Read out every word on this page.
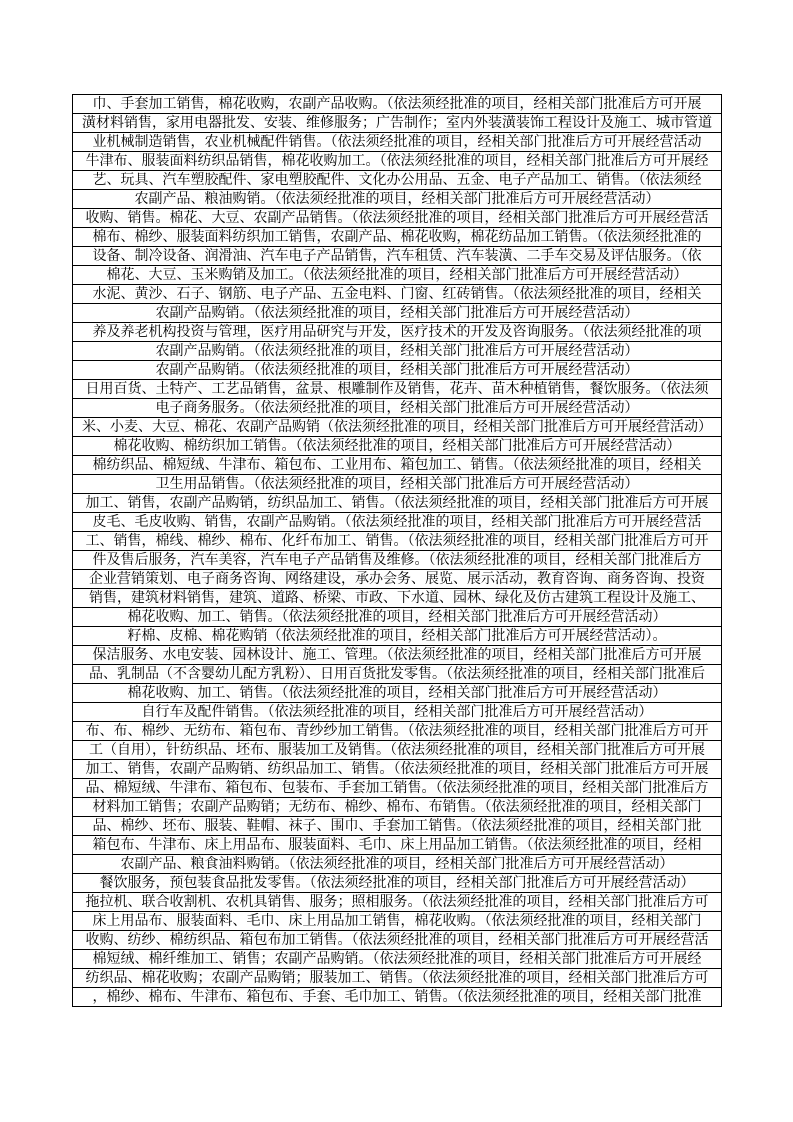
巾、手套加工销售，棉花收购，农副产品收购。（依法须经批准的项目，经相关部门批准后方可开展
潢材料销售，家用电器批发、安装、维修服务；广告制作；室内外装潢装饰工程设计及施工、城市管道
业机械制造销售，农业机械配件销售。（依法须经批准的项目，经相关部门批准后方可开展经营活动
牛津布、服装面料纺织品销售，棉花收购加工。（依法须经批准的项目，经相关部门批准后方可开展经
艺、玩具、汽车塑胶配件、家电塑胶配件、文化办公用品、五金、电子产品加工、销售。（依法须经
农副产品、粮油购销。（依法须经批准的项目，经相关部门批准后方可开展经营活动）
收购、销售。棉花、大豆、农副产品销售。（依法须经批准的项目，经相关部门批准后方可开展经营活
棉布、棉纱、服装面料纺织加工销售，农副产品、棉花收购，棉花纺品加工销售。（依法须经批准的
设备、制冷设备、润滑油、汽车电子产品销售，汽车租赁、汽车装潢、二手车交易及评估服务。（依
棉花、大豆、玉米购销及加工。（依法须经批准的项目，经相关部门批准后方可开展经营活动）
水泥、黄沙、石子、钢筋、电子产品、五金电料、门窗、红砖销售。（依法须经批准的项目，经相关
农副产品购销。（依法须经批准的项目，经相关部门批准后方可开展经营活动）
养及养老机构投资与管理，医疗用品研究与开发，医疗技术的开发及咨询服务。（依法须经批准的项
农副产品购销。（依法须经批准的项目，经相关部门批准后方可开展经营活动）
农副产品购销。（依法须经批准的项目，经相关部门批准后方可开展经营活动）
日用百货、土特产、工艺品销售，盆景、根雕制作及销售，花卉、苗木种植销售，餐饮服务。（依法须
电子商务服务。（依法须经批准的项目，经相关部门批准后方可开展经营活动）
米、小麦、大豆、棉花、农副产品购销（依法须经批准的项目，经相关部门批准后方可开展经营活动）
棉花收购、棉纺织加工销售。（依法须经批准的项目，经相关部门批准后方可开展经营活动）
棉纺织品、棉短绒、牛津布、箱包布、工业用布、箱包加工、销售。（依法须经批准的项目，经相关
卫生用品销售。（依法须经批准的项目，经相关部门批准后方可开展经营活动）
加工、销售，农副产品购销，纺织品加工、销售。（依法须经批准的项目，经相关部门批准后方可开展
皮毛、毛皮收购、销售，农副产品购销。（依法须经批准的项目，经相关部门批准后方可开展经营活
工、销售，棉线、棉纱、棉布、化纤布加工、销售。（依法须经批准的项目，经相关部门批准后方可开
件及售后服务，汽车美容，汽车电子产品销售及维修。（依法须经批准的项目，经相关部门批准后方
企业营销策划、电子商务咨询、网络建设，承办会务、展览、展示活动，教育咨询、商务咨询、投资
销售，建筑材料销售，建筑、道路、桥梁、市政、下水道、园林、绿化及仿古建筑工程设计及施工、
棉花收购、加工、销售。（依法须经批准的项目，经相关部门批准后方可开展经营活动）
籽棉、皮棉、棉花购销（依法须经批准的项目，经相关部门批准后方可开展经营活动）。
保洁服务、水电安装、园林设计、施工、管理。（依法须经批准的项目，经相关部门批准后方可开展
品、乳制品（不含婴幼儿配方乳粉）、日用百货批发零售。（依法须经批准的项目，经相关部门批准后
棉花收购、加工、销售。（依法须经批准的项目，经相关部门批准后方可开展经营活动）
自行车及配件销售。（依法须经批准的项目，经相关部门批准后方可开展经营活动）
布、布、棉纱、无纺布、箱包布、青纱纱加工销售。（依法须经批准的项目，经相关部门批准后方可开
工（自用），针纺织品、坯布、服装加工及销售。（依法须经批准的项目，经相关部门批准后方可开展
加工、销售，农副产品购销、纺织品加工、销售。（依法须经批准的项目，经相关部门批准后方可开展
品、棉短绒、牛津布、箱包布、包装布、手套加工销售。（依法须经批准的项目，经相关部门批准后方
材料加工销售；农副产品购销；无纺布、棉纱、棉布、布销售。（依法须经批准的项目，经相关部门
品、棉纱、坯布、服装、鞋帽、袜子、围巾、手套加工销售。（依法须经批准的项目，经相关部门批
箱包布、牛津布、床上用品布、服装面料、毛巾、床上用品加工销售。（依法须经批准的项目，经相
农副产品、粮食油料购销。（依法须经批准的项目，经相关部门批准后方可开展经营活动）
餐饮服务，预包装食品批发零售。（依法须经批准的项目，经相关部门批准后方可开展经营活动）
拖拉机、联合收割机、农机具销售、服务；照相服务。（依法须经批准的项目，经相关部门批准后方可
床上用品布、服装面料、毛巾、床上用品加工销售，棉花收购。（依法须经批准的项目，经相关部门
收购、纺纱、棉纺织品、箱包布加工销售。（依法须经批准的项目，经相关部门批准后方可开展经营活
棉短绒、棉纤维加工、销售；农副产品购销。（依法须经批准的项目，经相关部门批准后方可开展经
纺织品、棉花收购；农副产品购销；服装加工、销售。（依法须经批准的项目，经相关部门批准后方可
，棉纱、棉布、牛津布、箱包布、手套、毛巾加工、销售。（依法须经批准的项目，经相关部门批准
